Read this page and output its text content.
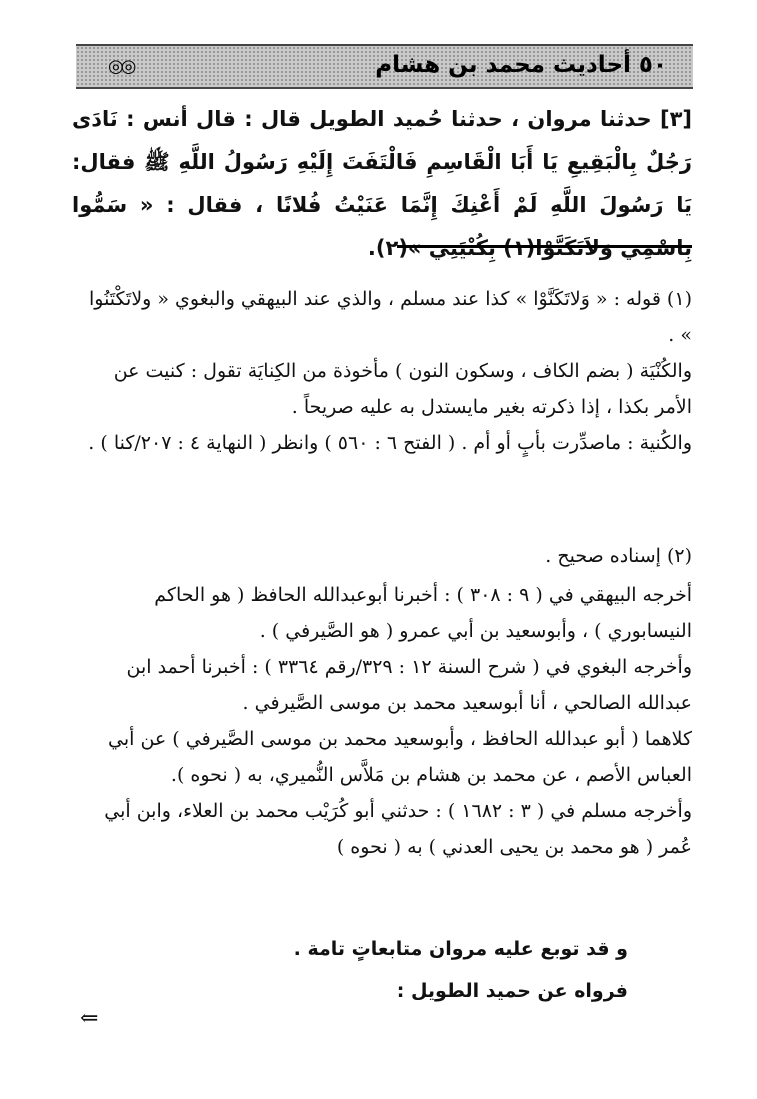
٥٠ أحاديث محمد بن هشام
◎◎
[٣] حدثنا مروان ، حدثنا حُميد الطويل قال : قال أنس : نَادَى رَجُلٌ بِالْبَقِيعِ يَا أَبَا الْقَاسِمِ فَالْتَفَتَ إِلَيْهِ رَسُولُ اللَّهِ ﷺ فقال: يَا رَسُولَ اللَّهِ لَمْ أَعْنِكَ إِنَّمَا عَنَيْتُ فُلانًا ، فقال : « سَمُّوا بِاسْمِي وَلاَتَكَنَّوْا(١) بِكُنْيَتِي »(٢).

(١) قوله : « وَلاتَكَنَّوْا » كذا عند مسلم ، والذي عند البيهقي والبغوي « ولاتَكْتَنُوا » .

والكُنْيَة ( بضم الكاف ، وسكون النون ) مأخوذة من الكِنايَة تقول : كنيت عن الأمر بكذا ، إذا ذكرته بغير مايستدل به عليه صريحاً .

والكُنية : ماصدِّرت بأبٍ أو أم . ( الفتح ٦ : ٥٦٠ ) وانظر ( النهاية ٤ : ٢٠٧/كنا ) .

(٢) إسناده صحيح .

أخرجه البيهقي في ( ٩ : ٣٠٨ ) : أخبرنا أبوعبدالله الحافظ ( هو الحاكم النيسابوري ) ، وأبوسعيد بن أبي عمرو ( هو الصَّيرفي ) .

وأخرجه البغوي في ( شرح السنة ١٢ : ٣٢٩/رقم ٣٣٦٤ ) : أخبرنا أحمد ابن عبدالله الصالحي ، أنا أبوسعيد محمد بن موسى الصَّيرفي .

كلاهما ( أبو عبدالله الحافظ ، وأبوسعيد محمد بن موسى الصَّيرفي ) عن أبي العباس الأصم ، عن محمد بن هشام بن مَلاَّس النُّميري، به ( نحوه ).

وأخرجه مسلم في ( ٣ : ١٦٨٢ ) : حدثني أبو كُرَيْب محمد بن العلاء، وابن أبي عُمر ( هو محمد بن يحيى العدني ) به ( نحوه )

و قد توبع عليه مروان متابعاتٍ تامة .

فرواه عن حميد الطويل :

⇐
